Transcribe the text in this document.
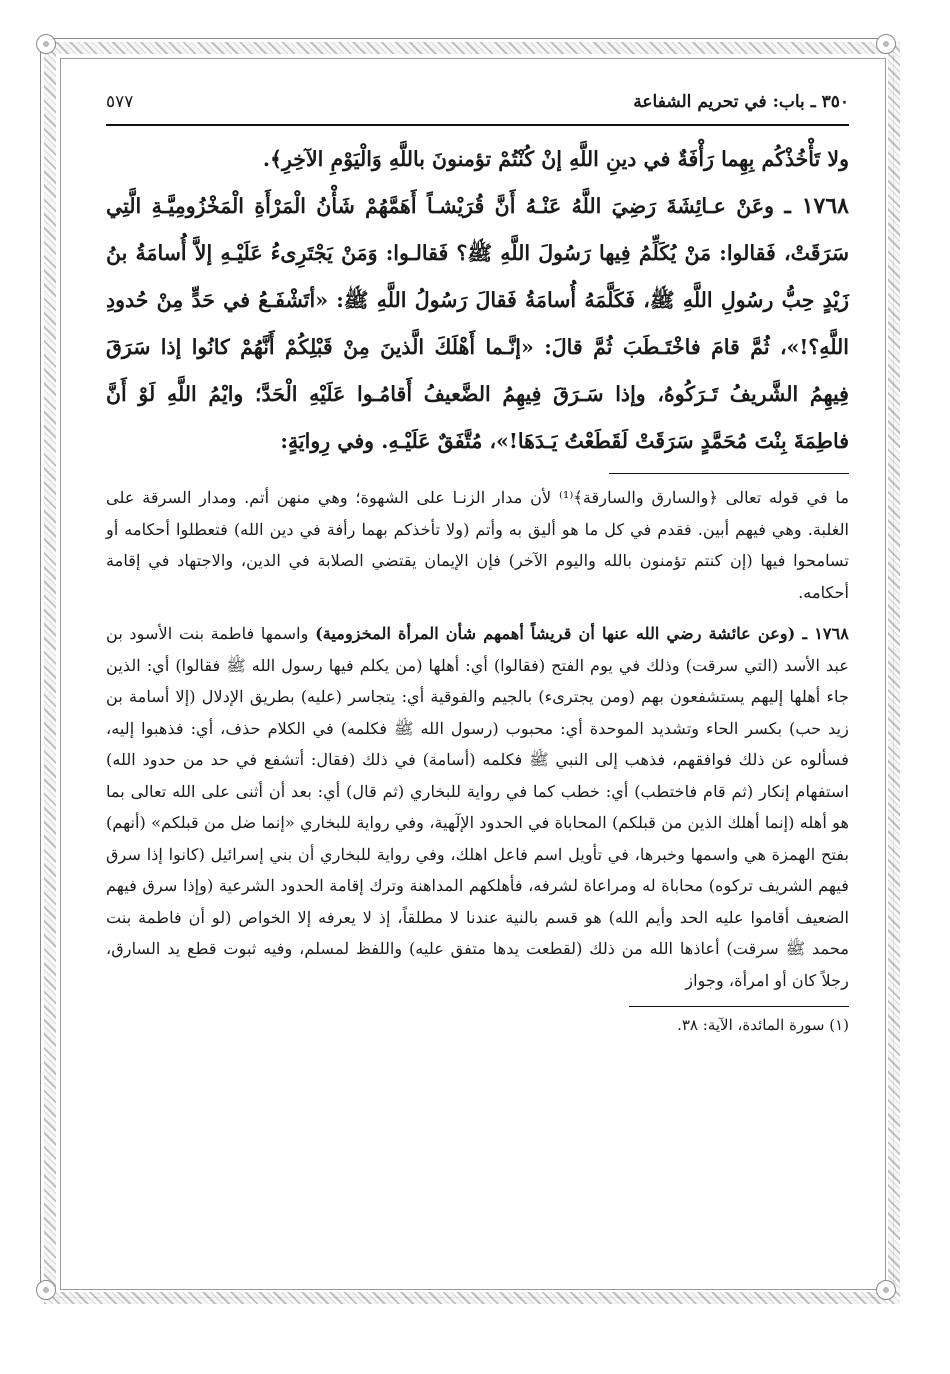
٣٥٠ ـ باب: في تحريم الشفاعة
٥٧٧

ولا تَأْخُذْكُم بِهِما رَأْفَةٌ في دينِ اللَّهِ إنْ كُنْتُمْ تؤمنونَ باللَّهِ وَالْيَوْمِ الآخِرِ﴾.

١٧٦٨ ـ وعَنْ عـائِشَةَ رَضِيَ اللَّهُ عَنْـهُ أَنَّ قُرَيْشـاً أَهَمَّهُمْ شَأْنُ الْمَرْأَةِ الْمَخْزُومِيَّـةِ الَّتِي سَرَقَتْ، فَقالوا: مَنْ يُكَلِّمُ فِيها رَسُولَ اللَّهِ ﷺ؟ فَقالـوا: وَمَنْ يَجْتَرِىءُ عَلَيْـهِ إلاَّ أُسامَةُ بنُ زَيْدٍ حِبُّ رسُولِ اللَّهِ ﷺ، فَكَلَّمَهُ أُسامَةُ فَقالَ رَسُولُ اللَّهِ ﷺ: «أتَشْفَـعُ في حَدٍّ مِنْ حُدودِ اللَّهِ؟!»، ثُمَّ قامَ فاخْتَـطَبَ ثُمَّ قالَ: «إنَّـما أَهْلَكَ الَّذينَ مِنْ قَبْلِكُمْ أَنَّهُمْ كانُوا إذا سَرَقَ فِيهِمُ الشَّريفُ تَـرَكُوهُ، وإذا سَـرَقَ فِيهِمُ الضَّعيفُ أَقامُـوا عَلَيْهِ الْحَدَّ؛ وايْمُ اللَّهِ لَوْ أَنَّ فاطِمَةَ بِنْتَ مُحَمَّدٍ سَرَقَتْ لَقَطَعْتُ يَـدَهَا!»، مُتَّفَقٌ عَلَيْـهِ. وفي رِوايَةٍ:

ما في قوله تعالى ﴿والسارق والسارقة﴾⁽¹⁾ لأن مدار الزنـا على الشهوة؛ وهي منهن أتم. ومدار السرقة على الغلبة. وهي فيهم أبين. فقدم في كل ما هو أليق به وأتم (ولا تأخذكم بهما رأفة في دين الله) فتعطلوا أحكامه أو تسامحوا فيها (إن كنتم تؤمنون بالله واليوم الآخر) فإن الإيمان يقتضي الصلابة في الدين، والاجتهاد في إقامة أحكامه.

١٧٦٨ ـ (وعن عائشة رضي الله عنها أن قريشاً أهمهم شأن المرأة المخزومية) واسمها فاطمة بنت الأسود بن عبد الأسد (التي سرقت) وذلك في يوم الفتح (فقالوا) أي: أهلها (من يكلم فيها رسول الله ﷺ فقالوا) أي: الذين جاء أهلها إليهم يستشفعون بهم (ومن يجترىء) بالجيم والفوقية أي: يتجاسر (عليه) بطريق الإدلال (إلا أسامة بن زيد حب) بكسر الحاء وتشديد الموحدة أي: محبوب (رسول الله ﷺ فكلمه) في الكلام حذف، أي: فذهبوا إليه، فسألوه عن ذلك فوافقهم، فذهب إلى النبي ﷺ فكلمه (أسامة) في ذلك (فقال: أتشفع في حد من حدود الله) استفهام إنكار (ثم قام فاختطب) أي: خطب كما في رواية للبخاري (ثم قال) أي: بعد أن أثنى على الله تعالى بما هو أهله (إنما أهلك الذين من قبلكم) المحاباة في الحدود الإلٓهية، وفي رواية للبخاري «إنما ضل من قبلكم» (أنهم) بفتح الهمزة هي واسمها وخبرها، في تأويل اسم فاعل اهلك، وفي رواية للبخاري أن بني إسرائيل (كانوا إذا سرق فيهم الشريف تركوه) محاباة له ومراعاة لشرفه، فأهلكهم المداهنة وترك إقامة الحدود الشرعية (وإذا سرق فيهم الضعيف أقاموا عليه الحد وأيم الله) هو قسم بالنية عندنا لا مطلقاً، إذ لا يعرفه إلا الخواص (لو أن فاطمة بنت محمد ﷺ سرقت) أعاذها الله من ذلك (لقطعت يدها متفق عليه) واللفظ لمسلم، وفيه ثبوت قطع يد السارق، رجلاً كان أو امرأة، وجواز

(١) سورة المائدة، الآية: ٣٨.
